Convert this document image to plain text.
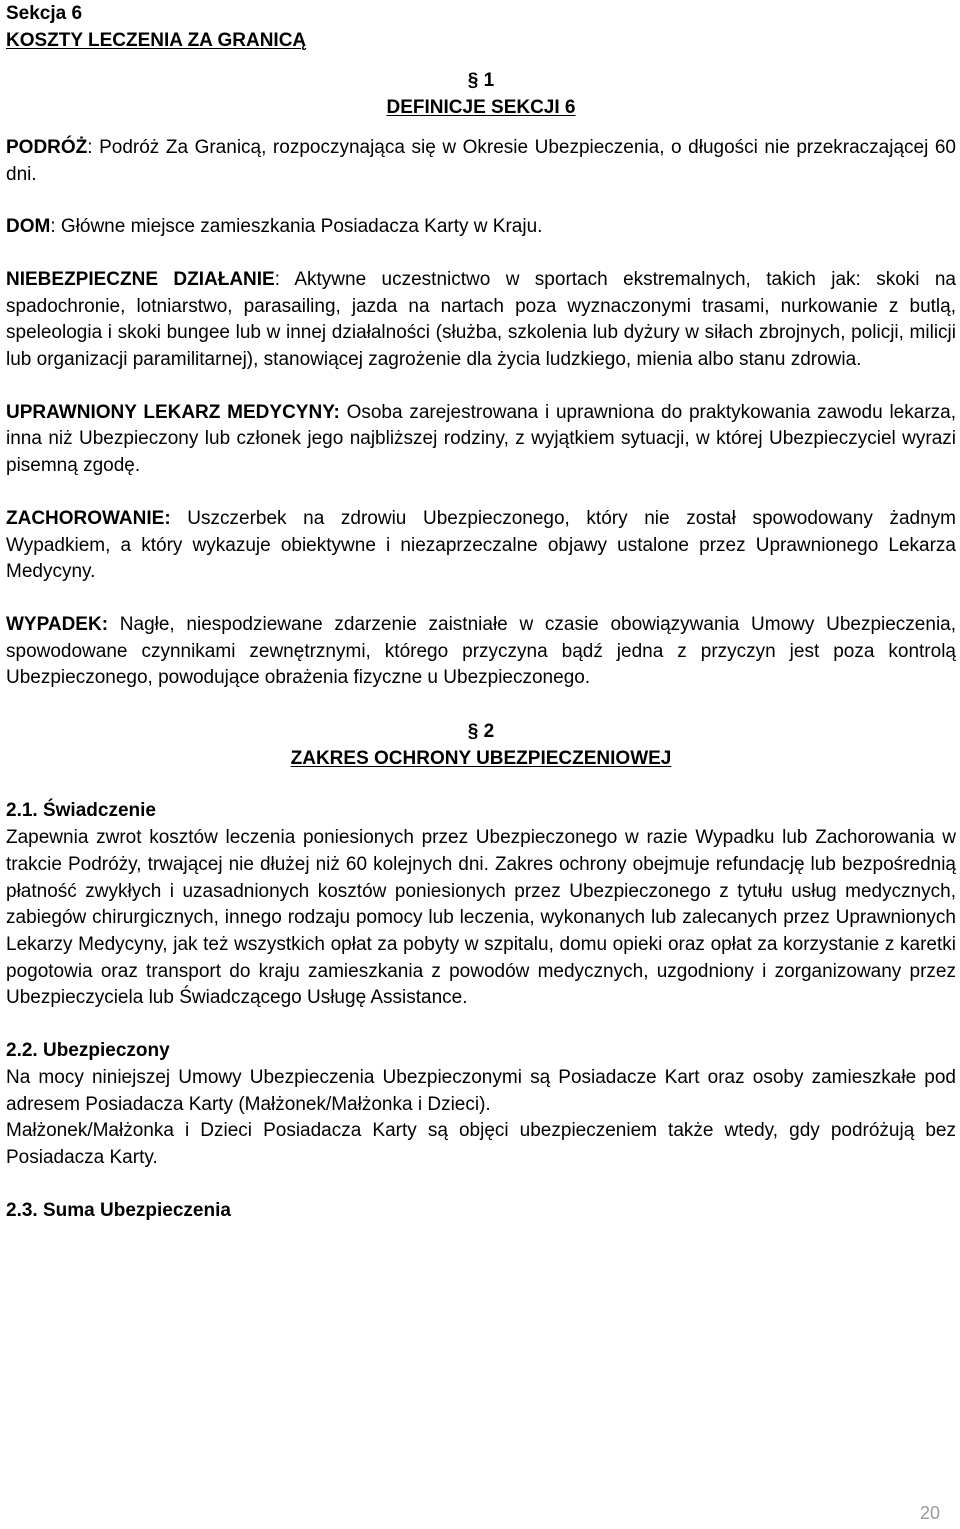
Sekcja 6
KOSZTY LECZENIA ZA GRANICĄ
§ 1
DEFINICJE SEKCJI 6

PODRÓŻ: Podróż Za Granicą, rozpoczynająca się w Okresie Ubezpieczenia, o długości nie przekraczającej 60 dni.

DOM: Główne miejsce zamieszkania Posiadacza Karty w Kraju.

NIEBEZPIECZNE DZIAŁANIE: Aktywne uczestnictwo w sportach ekstremalnych, takich jak: skoki na spadochronie, lotniarstwo, parasailing, jazda na nartach poza wyznaczonymi trasami, nurkowanie z butlą, speleologia i skoki bungee lub w innej działalności (służba, szkolenia lub dyżury w siłach zbrojnych, policji, milicji lub organizacji paramilitarnej), stanowiącej zagrożenie dla życia ludzkiego, mienia albo stanu zdrowia.

UPRAWNIONY LEKARZ MEDYCYNY: Osoba zarejestrowana i uprawniona do praktykowania zawodu lekarza, inna niż Ubezpieczony lub członek jego najbliższej rodziny, z wyjątkiem sytuacji, w której Ubezpieczyciel wyrazi pisemną zgodę.

ZACHOROWANIE: Uszczerbek na zdrowiu Ubezpieczonego, który nie został spowodowany żadnym Wypadkiem, a który wykazuje obiektywne i niezaprzeczalne objawy ustalone przez Uprawnionego Lekarza Medycyny.

WYPADEK: Nagłe, niespodziewane zdarzenie zaistniałe w czasie obowiązywania Umowy Ubezpieczenia, spowodowane czynnikami zewnętrznymi, którego przyczyna bądź jedna z przyczyn jest poza kontrolą Ubezpieczonego, powodujące obrażenia fizyczne u Ubezpieczonego.

§ 2
ZAKRES OCHRONY UBEZPIECZENIOWEJ
2.1. Świadczenie

Zapewnia zwrot kosztów leczenia poniesionych przez Ubezpieczonego w razie Wypadku lub Zachorowania w trakcie Podróży, trwającej nie dłużej niż 60 kolejnych dni. Zakres ochrony obejmuje refundację lub bezpośrednią płatność zwykłych i uzasadnionych kosztów poniesionych przez Ubezpieczonego z tytułu usług medycznych, zabiegów chirurgicznych, innego rodzaju pomocy lub leczenia, wykonanych lub zalecanych przez Uprawnionych Lekarzy Medycyny, jak też wszystkich opłat za pobyty w szpitalu, domu opieki oraz opłat za korzystanie z karetki pogotowia oraz transport do kraju zamieszkania z powodów medycznych, uzgodniony i zorganizowany przez Ubezpieczyciela lub Świadczącego Usługę Assistance.

2.2. Ubezpieczony

Na mocy niniejszej Umowy Ubezpieczenia Ubezpieczonymi są Posiadacze Kart oraz osoby zamieszkałe pod adresem Posiadacza Karty (Małżonek/Małżonka i Dzieci).

Małżonek/Małżonka i Dzieci Posiadacza Karty są objęci ubezpieczeniem także wtedy, gdy podróżują bez Posiadacza Karty.

2.3. Suma Ubezpieczenia
20
